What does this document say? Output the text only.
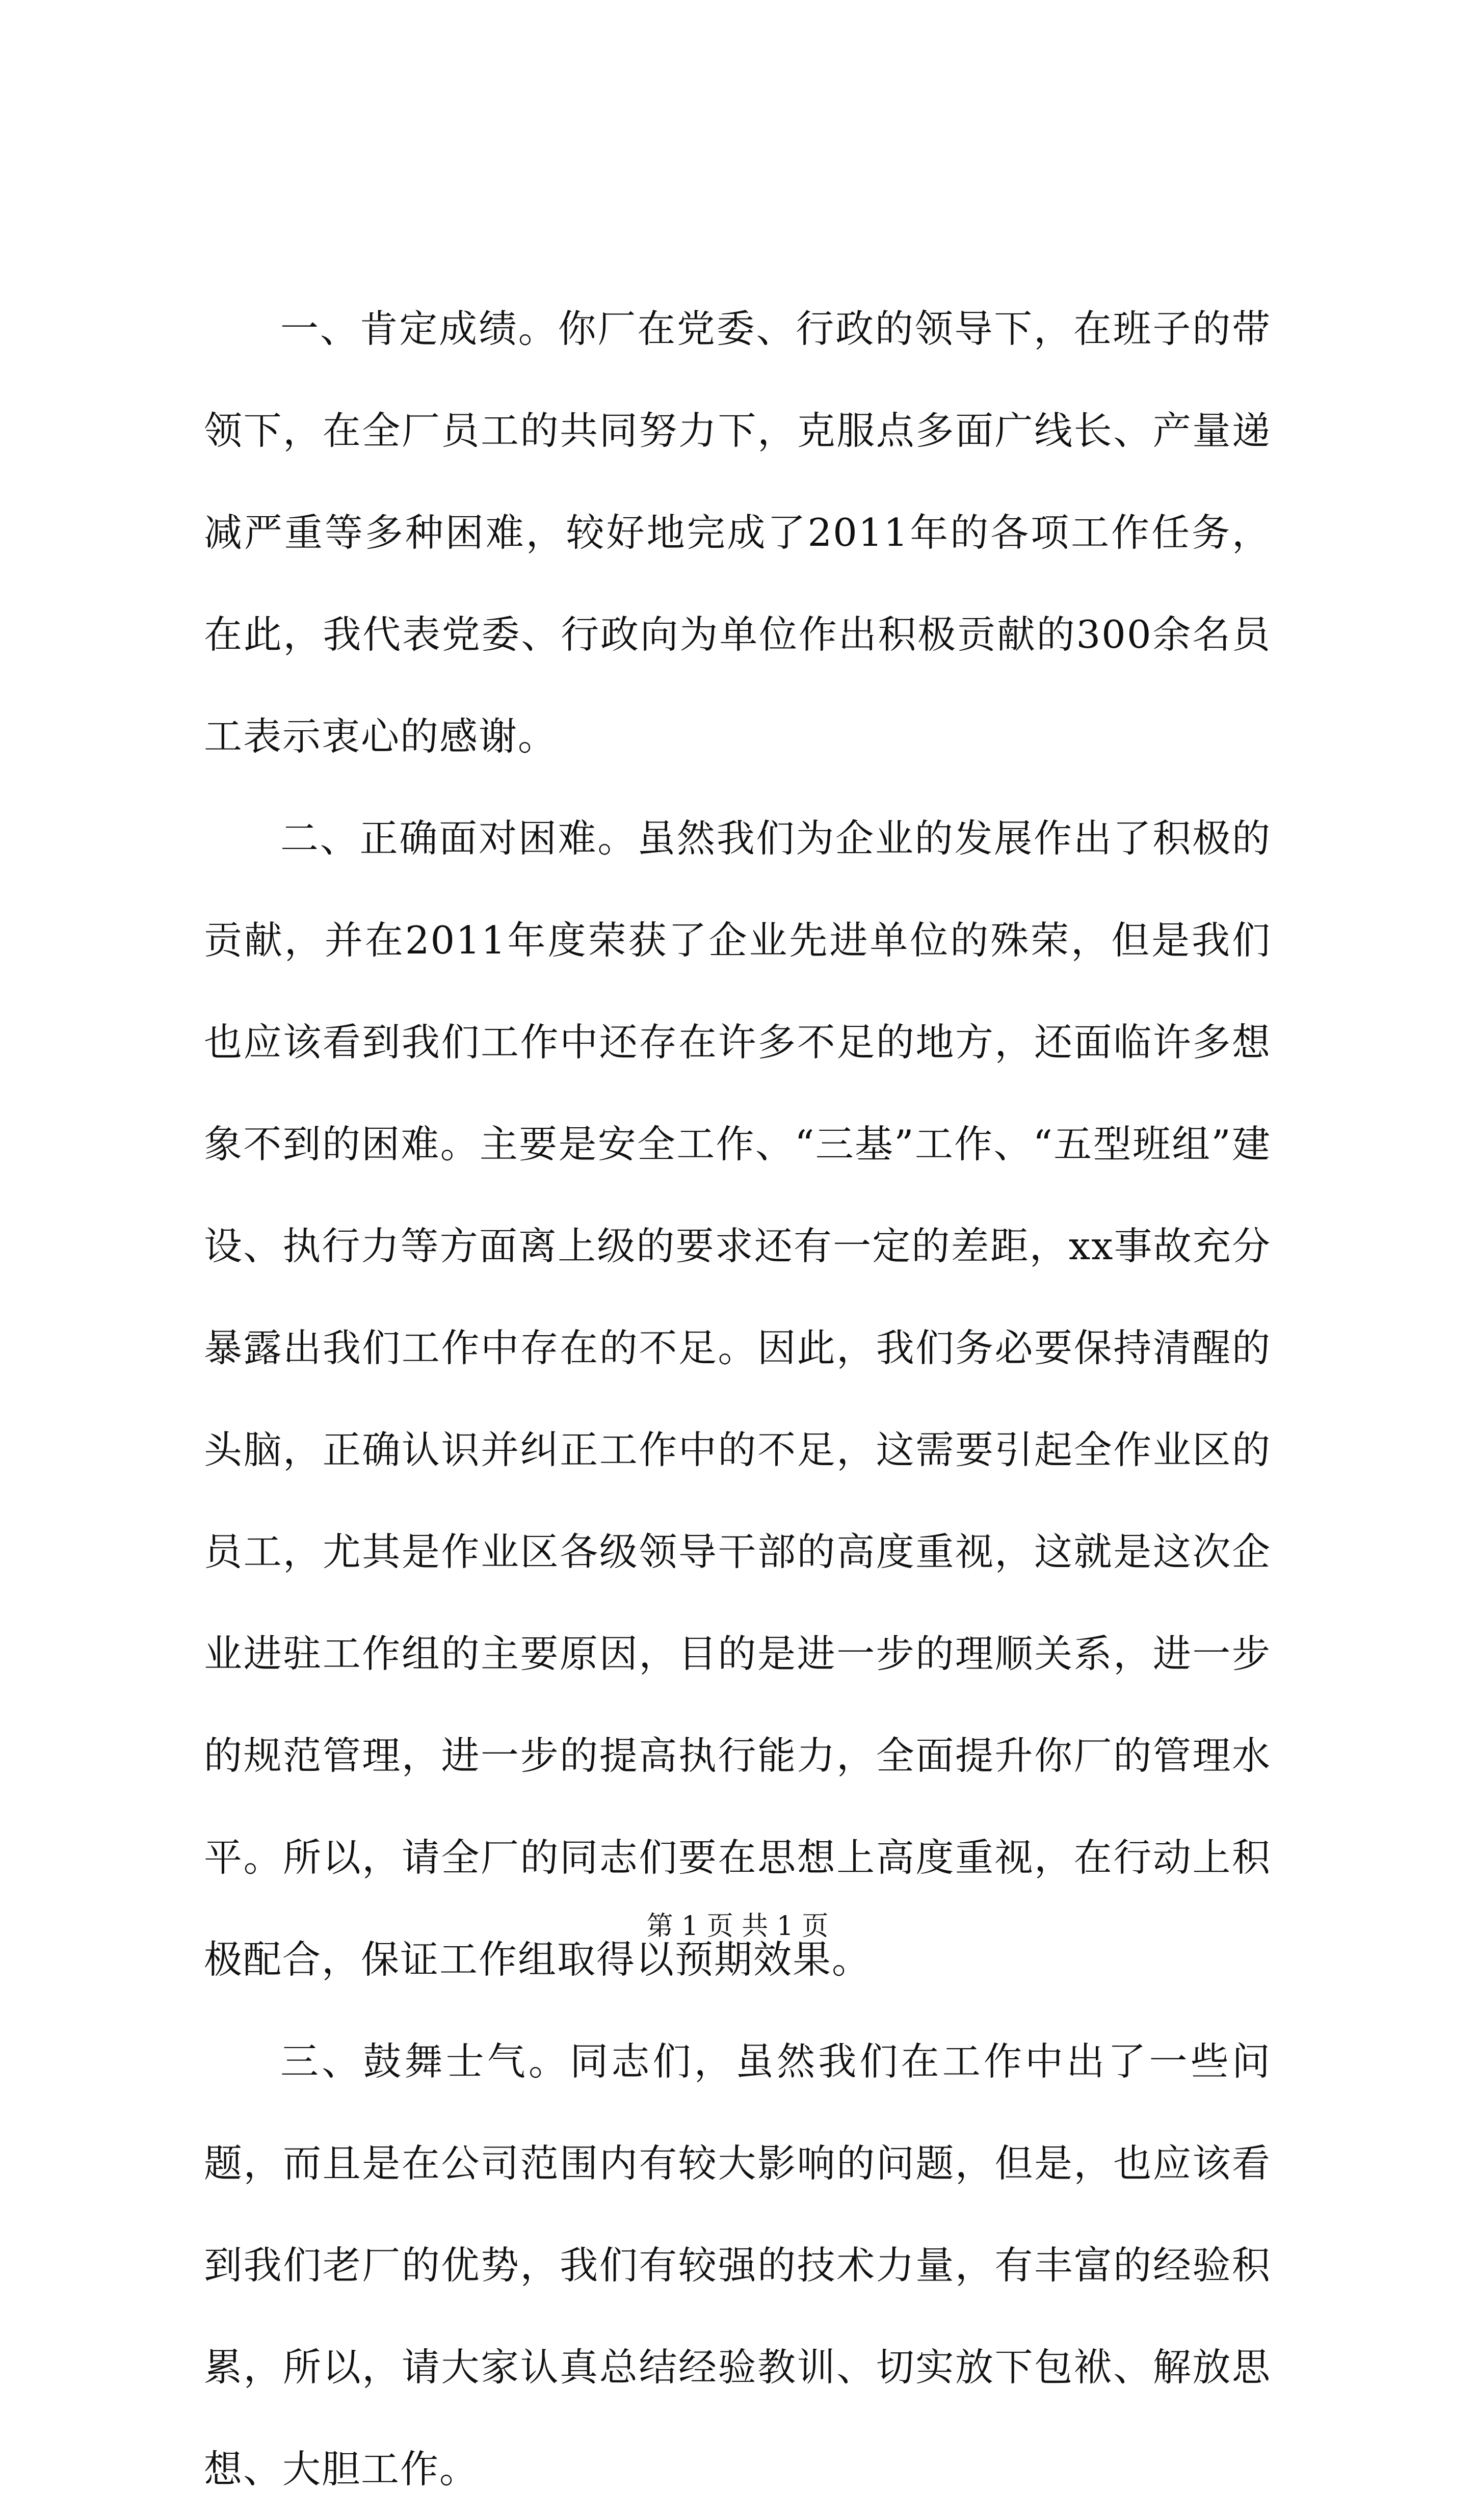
一、肯定成绩。你厂在党委、行政的领导下，在班子的带领下，在全厂员工的共同努力下，克服点多面广线长、产量递减严重等多种困难，较好地完成了2011年的各项工作任务，在此，我代表党委、行政向为单位作出积极贡献的300余名员工表示衷心的感谢。

二、正确面对困难。虽然我们为企业的发展作出了积极的贡献，并在2011年度荣获了企业先进单位的殊荣，但是我们也应该看到我们工作中还存在许多不足的地方，还面临许多想象不到的困难。主要是安全工作、“三基”工作、“五型班组”建设、执行力等方面离上级的要求还有一定的差距，xx事故充分暴露出我们工作中存在的不足。因此，我们务必要保持清醒的头脑，正确认识并纠正工作中的不足，这需要引起全作业区的员工，尤其是作业区各级领导干部的高度重视，这就是这次企业进驻工作组的主要原因，目的是进一步的理顺关系，进一步的规范管理，进一步的提高执行能力，全面提升你厂的管理水平。所以，请全厂的同志们要在思想上高度重视，在行动上积极配合，保证工作组取得以预期效果。

三、鼓舞士气。同志们，虽然我们在工作中出了一些问题，而且是在公司范围内有较大影响的问题，但是，也应该看到我们老厂的优势，我们有较强的技术力量，有丰富的经验积累，所以，请大家认真总结经验教训、切实放下包袱、解放思想、大胆工作。

第 1 页 共 1 页
